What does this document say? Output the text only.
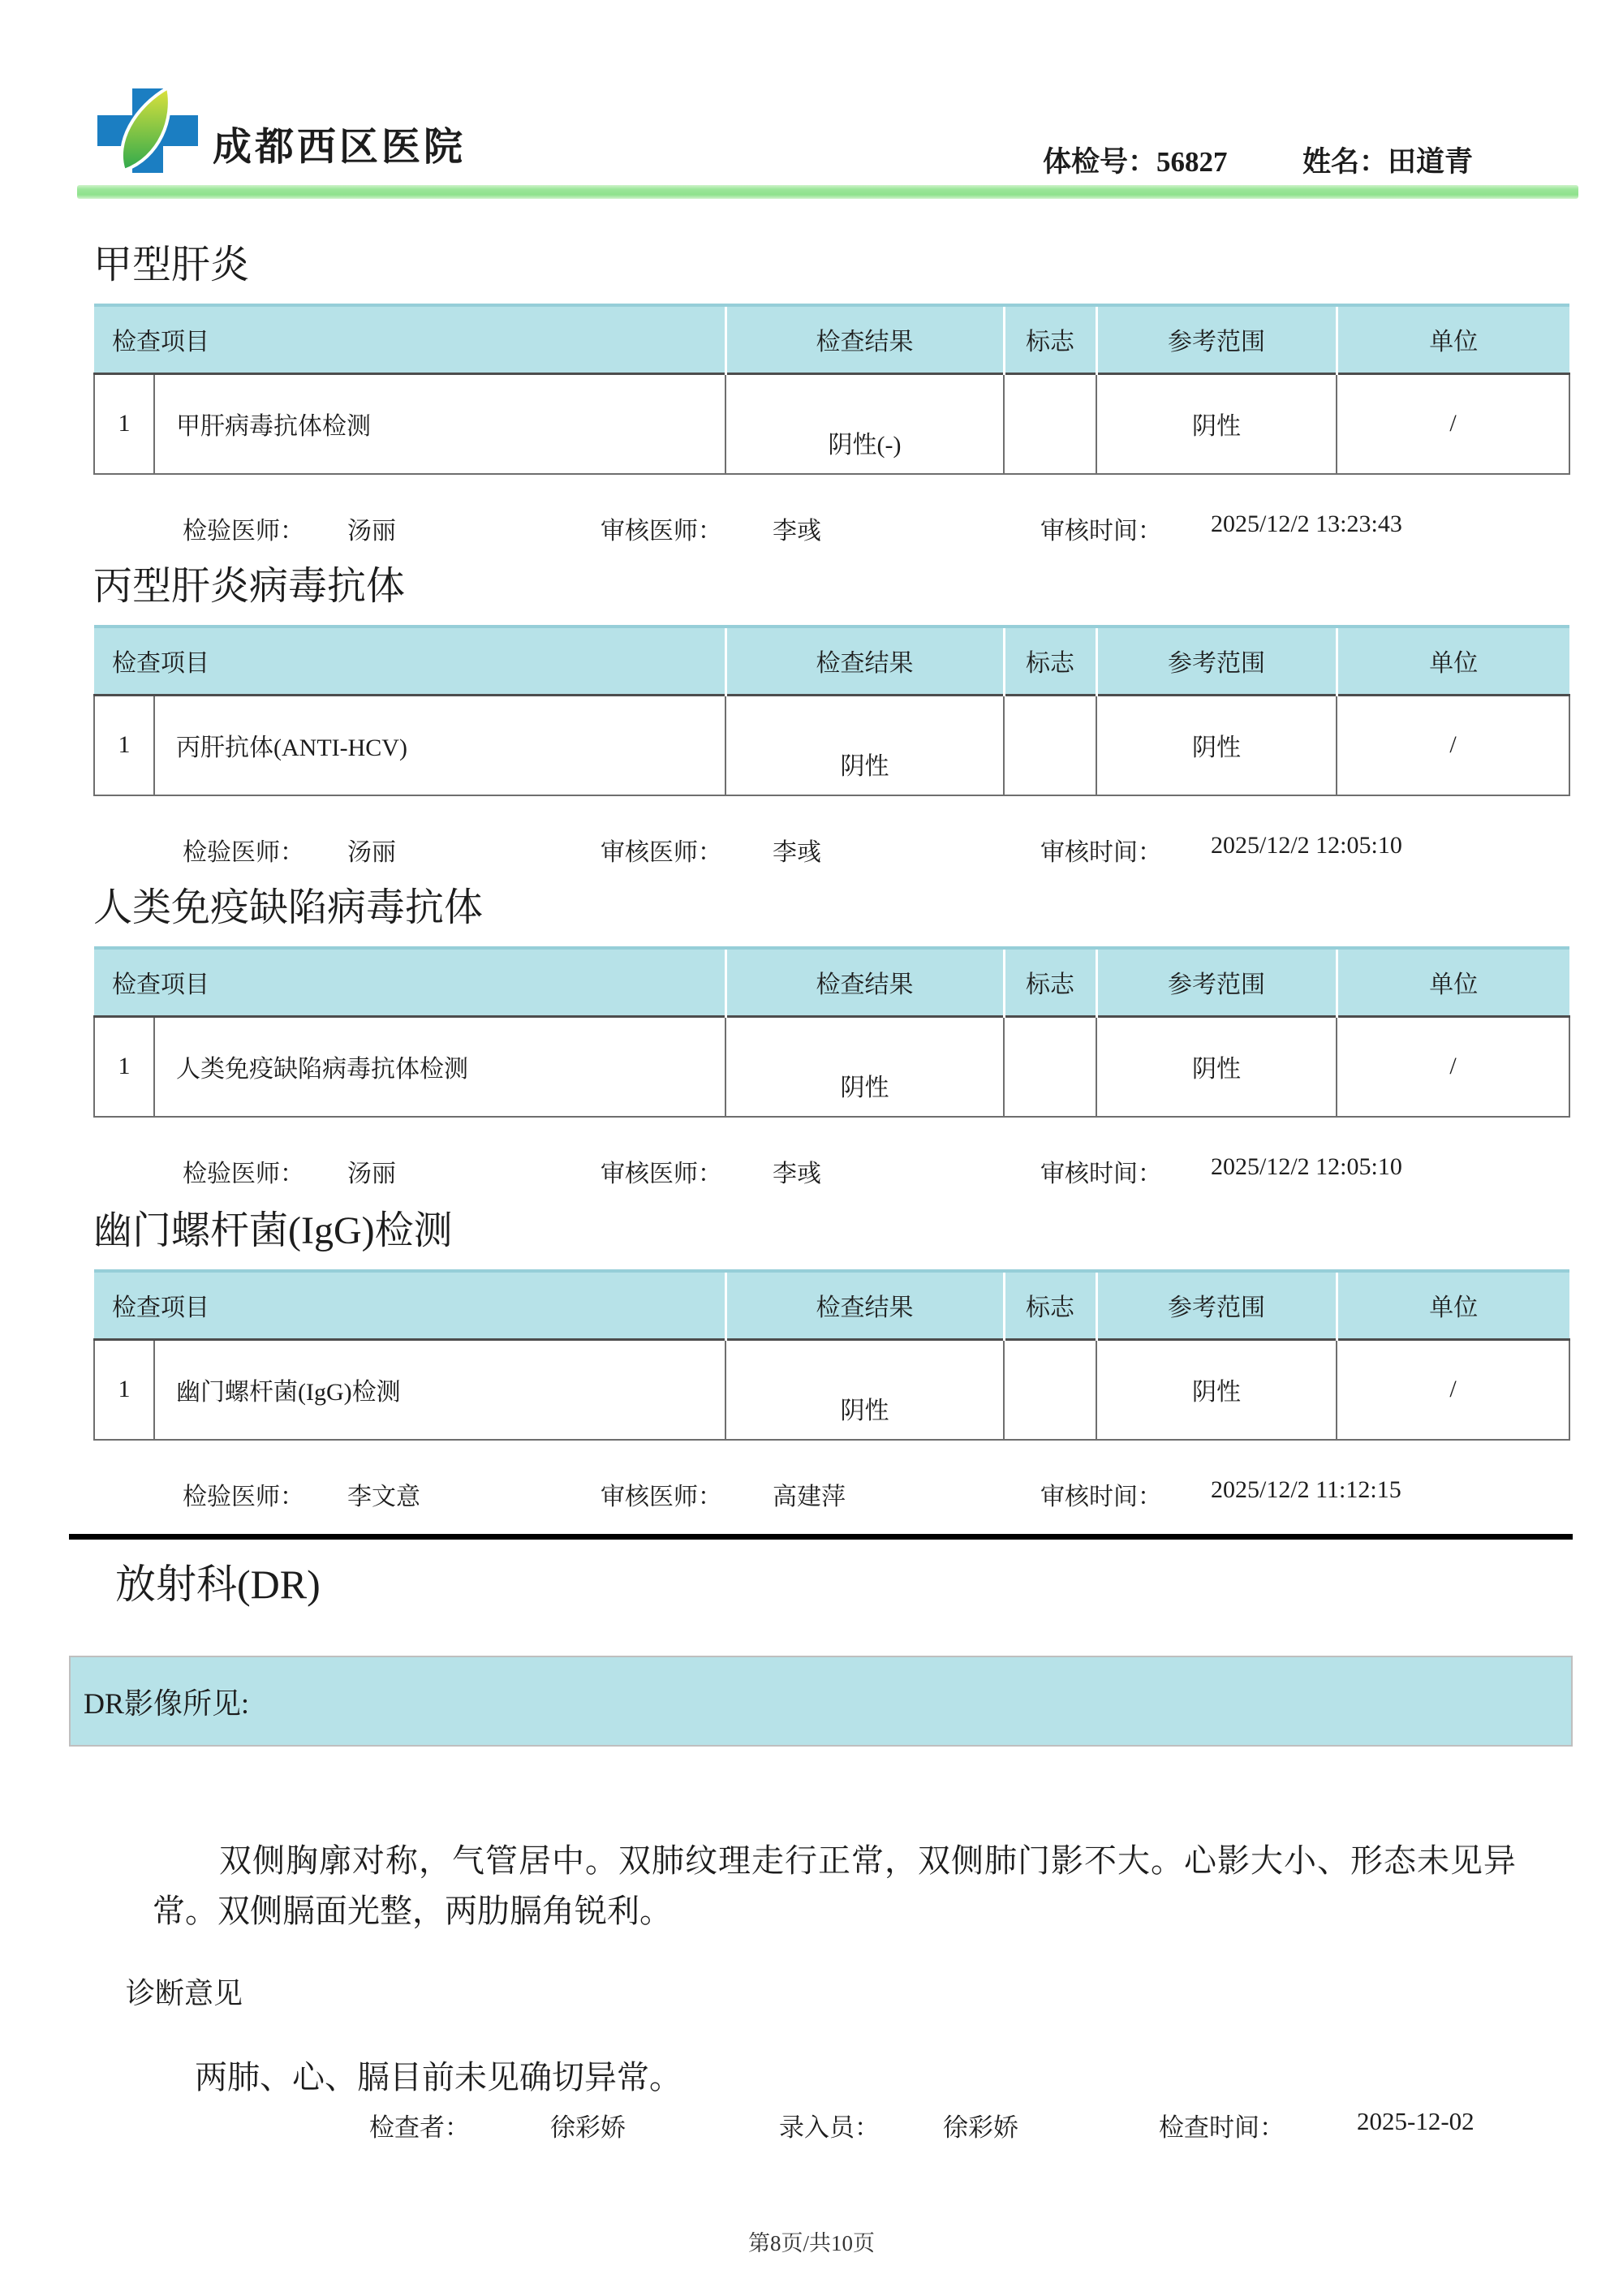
成都西区医院	体检号：56827	姓名：田道青
甲型肝炎
检查项目		检查结果	标志	参考范围	单位
1	甲肝病毒抗体检测	阴性(-)		阴性	/
检验医师： 汤丽	审核医师： 李彧	审核时间： 2025/12/2 13:23:43
丙型肝炎病毒抗体
检查项目		检查结果	标志	参考范围	单位
1	丙肝抗体(ANTI-HCV)	阴性		阴性	/
检验医师： 汤丽	审核医师： 李彧	审核时间： 2025/12/2 12:05:10
人类免疫缺陷病毒抗体
检查项目		检查结果	标志	参考范围	单位
1	人类免疫缺陷病毒抗体检测	阴性		阴性	/
检验医师： 汤丽	审核医师： 李彧	审核时间： 2025/12/2 12:05:10
幽门螺杆菌(IgG)检测
检查项目		检查结果	标志	参考范围	单位
1	幽门螺杆菌(IgG)检测	阴性		阴性	/
检验医师： 李文意	审核医师： 高建萍	审核时间： 2025/12/2 11:12:15
放射科(DR)
DR影像所见:
双侧胸廓对称，气管居中。双肺纹理走行正常，双侧肺门影不大。心影大小、形态未见异常。双侧膈面光整，两肋膈角锐利。
诊断意见
两肺、心、膈目前未见确切异常。
检查者：	徐彩娇	录入员：	徐彩娇	检查时间：	2025-12-02
第8页/共10页
